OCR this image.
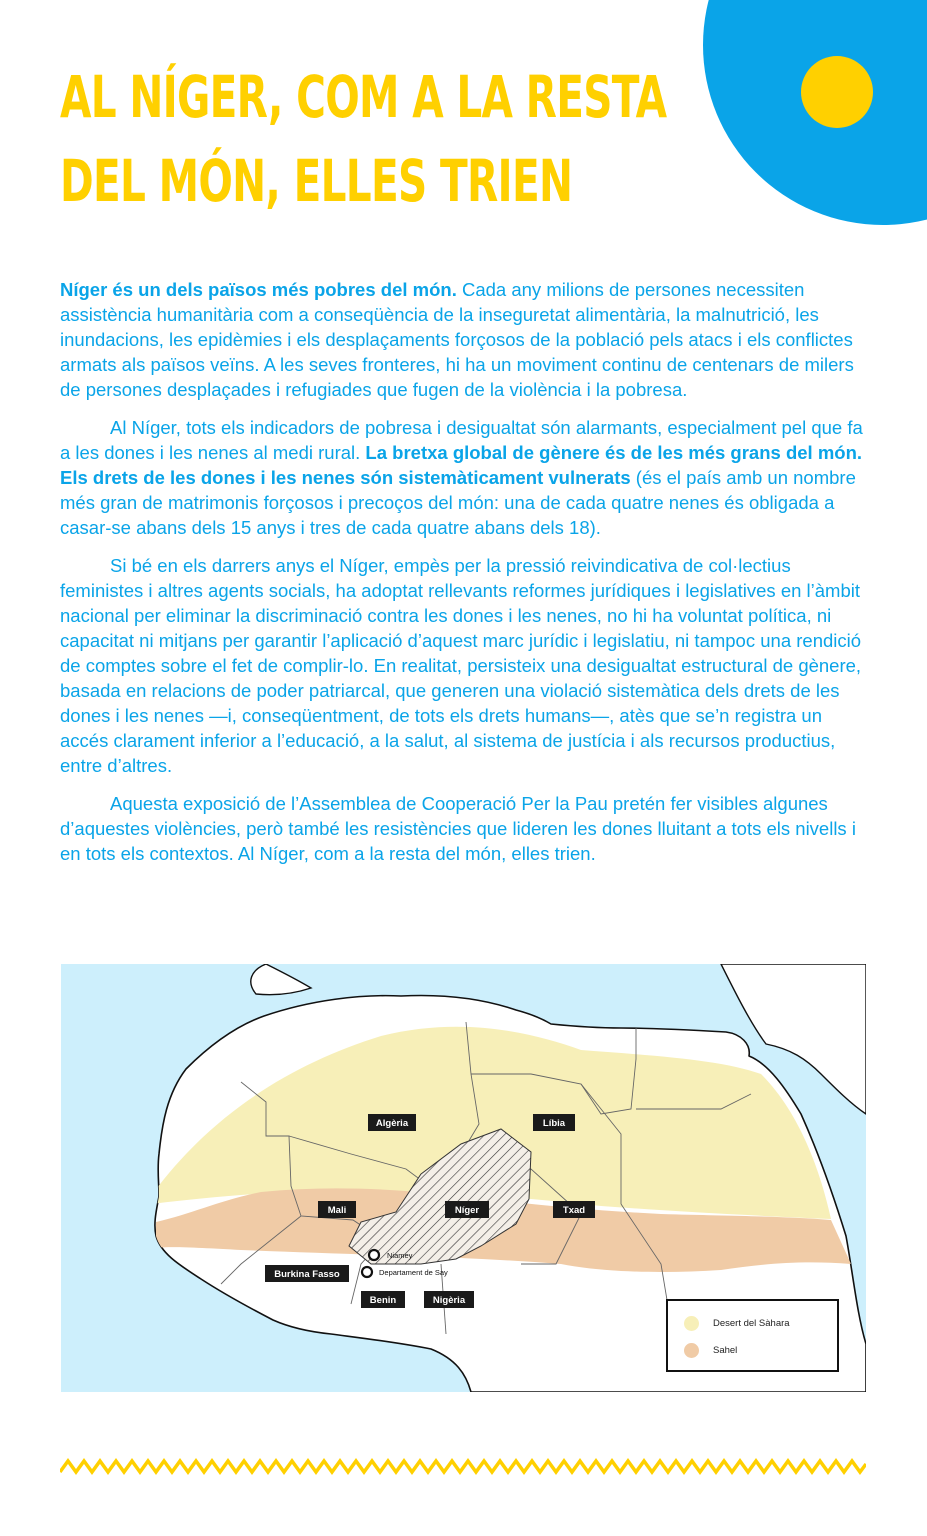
AL NÍGER, COM A LA RESTA
DEL MÓN, ELLES TRIEN

Níger és un dels països més pobres del món. Cada any milions de persones necessiten assistència humanitària com a conseqüència de la inseguretat alimentària, la malnutrició, les inundacions, les epidèmies i els desplaçaments forçosos de la població pels atacs i els conflictes armats als països veïns. A les seves fronteres, hi ha un moviment continu de centenars de milers de persones desplaçades i refugiades que fugen de la violència i la pobresa.

Al Níger, tots els indicadors de pobresa i desigualtat són alarmants, especialment pel que fa a les dones i les nenes al medi rural. La bretxa global de gènere és de les més grans del món. Els drets de les dones i les nenes són sistemàticament vulnerats (és el país amb un nombre més gran de matrimonis forçosos i precoços del món: una de cada quatre nenes és obligada a casar-se abans dels 15 anys i tres de cada quatre abans dels 18).

Si bé en els darrers anys el Níger, empès per la pressió reivindicativa de col·lectius feministes i altres agents socials, ha adoptat rellevants reformes jurídiques i legislatives en l’àmbit nacional per eliminar la discriminació contra les dones i les nenes, no hi ha voluntat política, ni capacitat ni mitjans per garantir l’aplicació d’aquest marc jurídic i legislatiu, ni tampoc una rendició de comptes sobre el fet de complir-lo. En realitat, persisteix una desigualtat estructural de gènere, basada en relacions de poder patriarcal, que generen una violació sistemàtica dels drets de les dones i les nenes —i, conseqüentment, de tots els drets humans—, atès que se’n registra un accés clarament inferior a l’educació, a la salut, al sistema de justícia i als recursos productius, entre d’altres.

Aquesta exposició de l’Assemblea de Cooperació Per la Pau pretén fer visibles algunes d’aquestes violències, però també les resistències que lideren les dones lluitant a tots els nivells i en tots els contextos. Al Níger, com a la resta del món, elles trien.

Niamey
Departament de Say
Algèria	Líbia
Mali	Níger	Txad
Burkina Fasso
Benin	Nigèria
Desert del Sàhara
Sahel
